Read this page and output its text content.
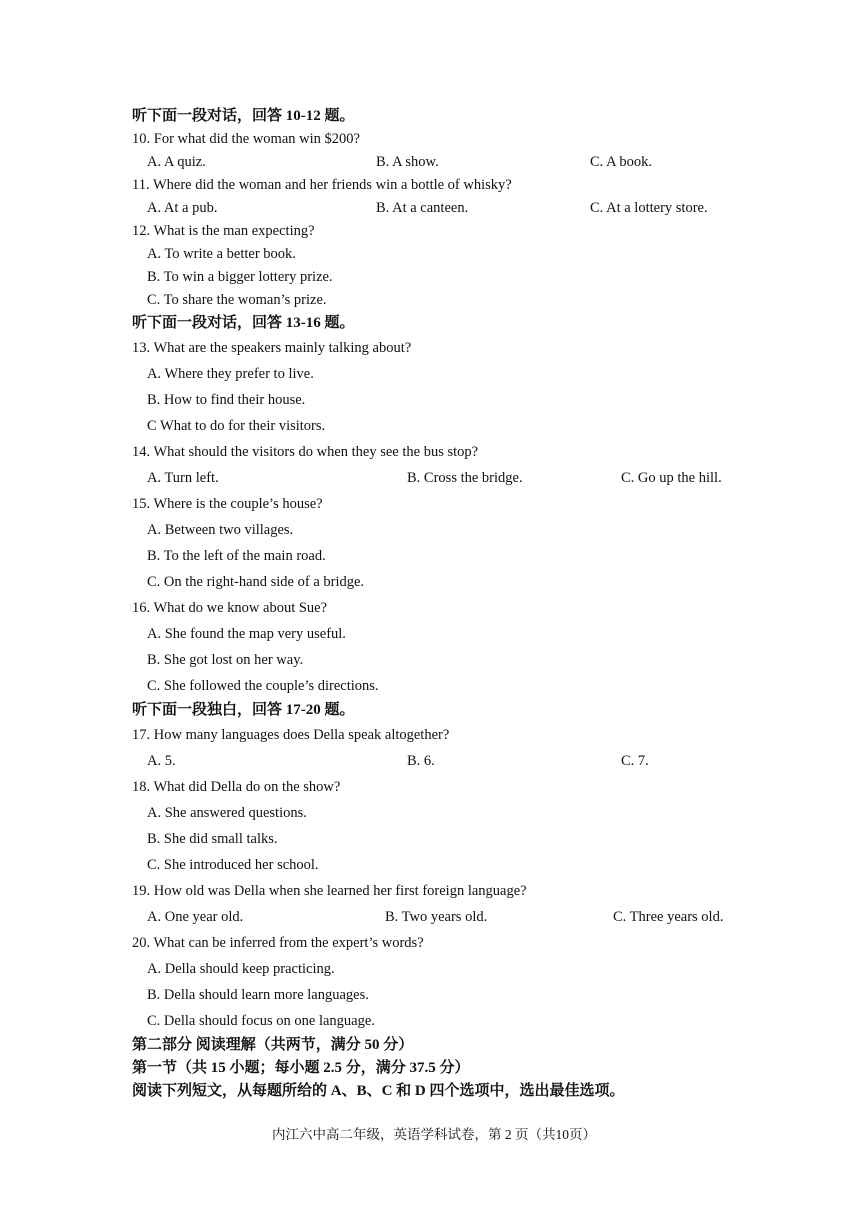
听下面一段对话，回答 10-12 题。
10. For what did the woman win $200?
A. A quiz.	B. A show.	C. A book.
11. Where did the woman and her friends win a bottle of whisky?
A. At a pub.	B. At a canteen.	C. At a lottery store.
12. What is the man expecting?
A. To write a better book.
B. To win a bigger lottery prize.
C. To share the woman’s prize.
听下面一段对话，回答 13-16 题。
13. What are the speakers mainly talking about?
A. Where they prefer to live.
B. How to find their house.
C What to do for their visitors.
14. What should the visitors do when they see the bus stop?
A. Turn left.	B. Cross the bridge.	C. Go up the hill.
15. Where is the couple’s house?
A. Between two villages.
B. To the left of the main road.
C. On the right-hand side of a bridge.
16. What do we know about Sue?
A. She found the map very useful.
B. She got lost on her way.
C. She followed the couple’s directions.
听下面一段独白，回答 17-20 题。
17. How many languages does Della speak altogether?
A. 5.	B. 6.	C. 7.
18. What did Della do on the show?
A. She answered questions.
B. She did small talks.
C. She introduced her school.
19. How old was Della when she learned her first foreign language?
A. One year old.	B. Two years old.	C. Three years old.
20. What can be inferred from the expert’s words?
A. Della should keep practicing.
B. Della should learn more languages.
C. Della should focus on one language.
第二部分 阅读理解（共两节，满分 50 分）
第一节（共 15 小题；每小题 2.5 分，满分 37.5 分）
阅读下列短文，从每题所给的 A、B、C 和 D 四个选项中，选出最佳选项。
内江六中高二年级，英语学科试卷，第 2 页（共10页）
